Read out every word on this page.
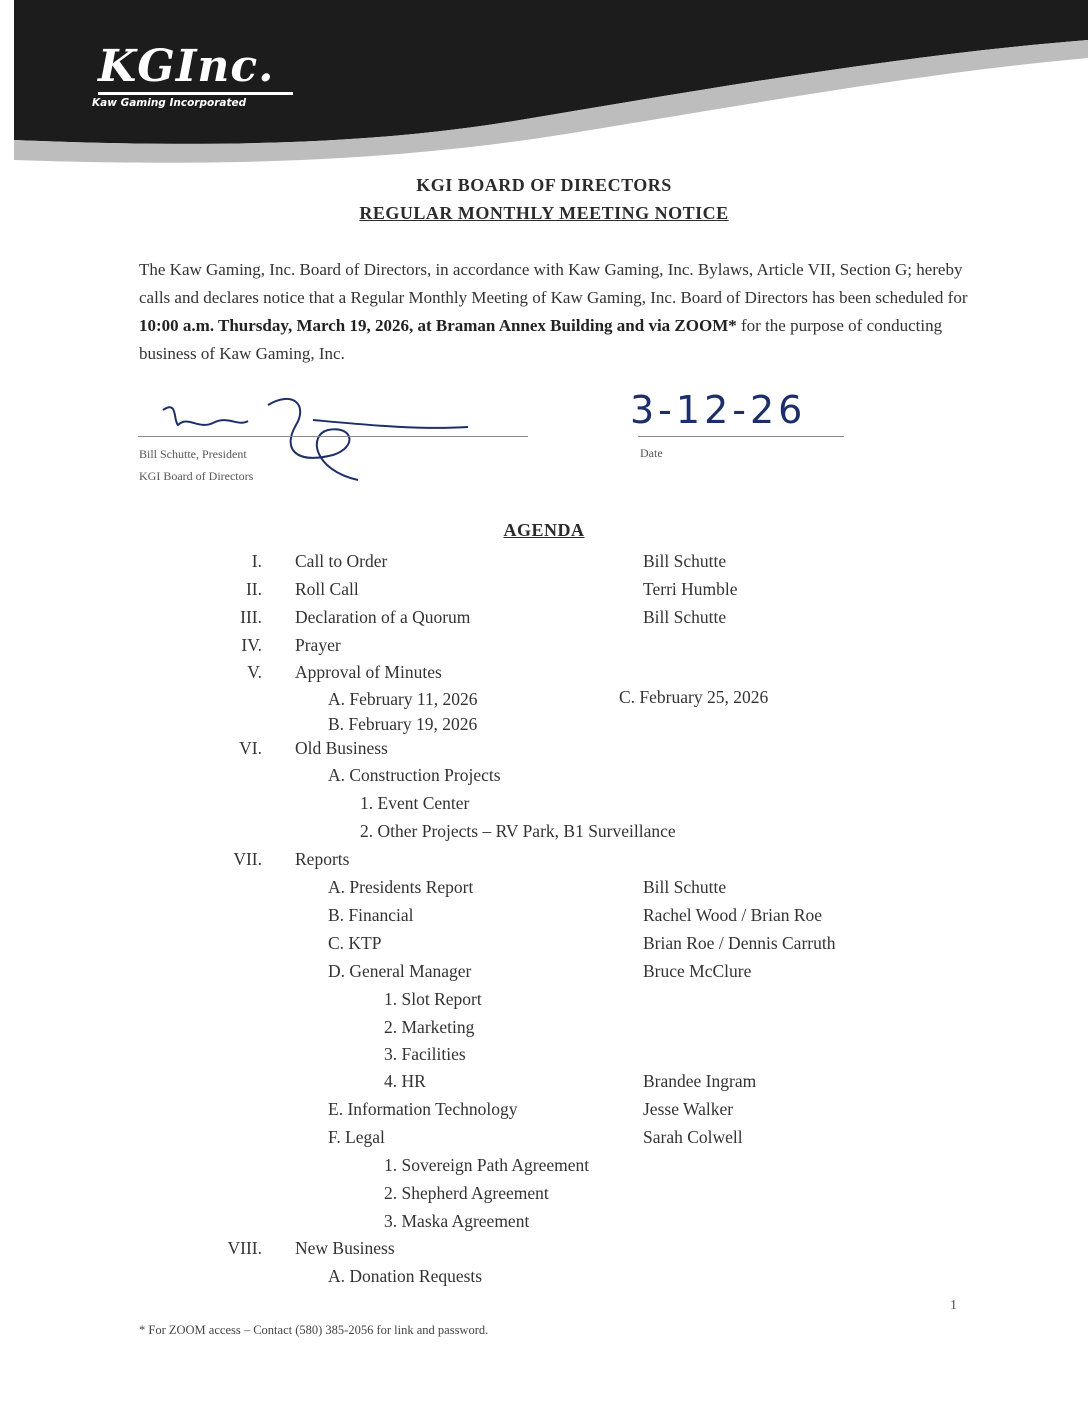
KGInc.
Kaw Gaming Incorporated
KGI BOARD OF DIRECTORS
REGULAR MONTHLY MEETING NOTICE
The Kaw Gaming, Inc. Board of Directors, in accordance with Kaw Gaming, Inc. Bylaws, Article VII, Section G; hereby calls and declares notice that a Regular Monthly Meeting of Kaw Gaming, Inc. Board of Directors has been scheduled for 10:00 a.m. Thursday, March 19, 2026, at Braman Annex Building and via ZOOM* for the purpose of conducting business of Kaw Gaming, Inc.
Bill Schutte, President
KGI Board of Directors
3-12-26
Date
AGENDA
I. Call to Order	Bill Schutte
II. Roll Call	Terri Humble
III. Declaration of a Quorum	Bill Schutte
IV. Prayer
V. Approval of Minutes
A. February 11, 2026	C. February 25, 2026
B. February 19, 2026
VI. Old Business
A. Construction Projects
1. Event Center
2. Other Projects – RV Park, B1 Surveillance
VII. Reports
A. Presidents Report	Bill Schutte
B. Financial	Rachel Wood / Brian Roe
C. KTP	Brian Roe / Dennis Carruth
D. General Manager	Bruce McClure
1. Slot Report
2. Marketing
3. Facilities
4. HR	Brandee Ingram
E. Information Technology	Jesse Walker
F. Legal	Sarah Colwell
1. Sovereign Path Agreement
2. Shepherd Agreement
3. Maska Agreement
VIII. New Business
A. Donation Requests
1
* For ZOOM access – Contact (580) 385-2056 for link and password.
